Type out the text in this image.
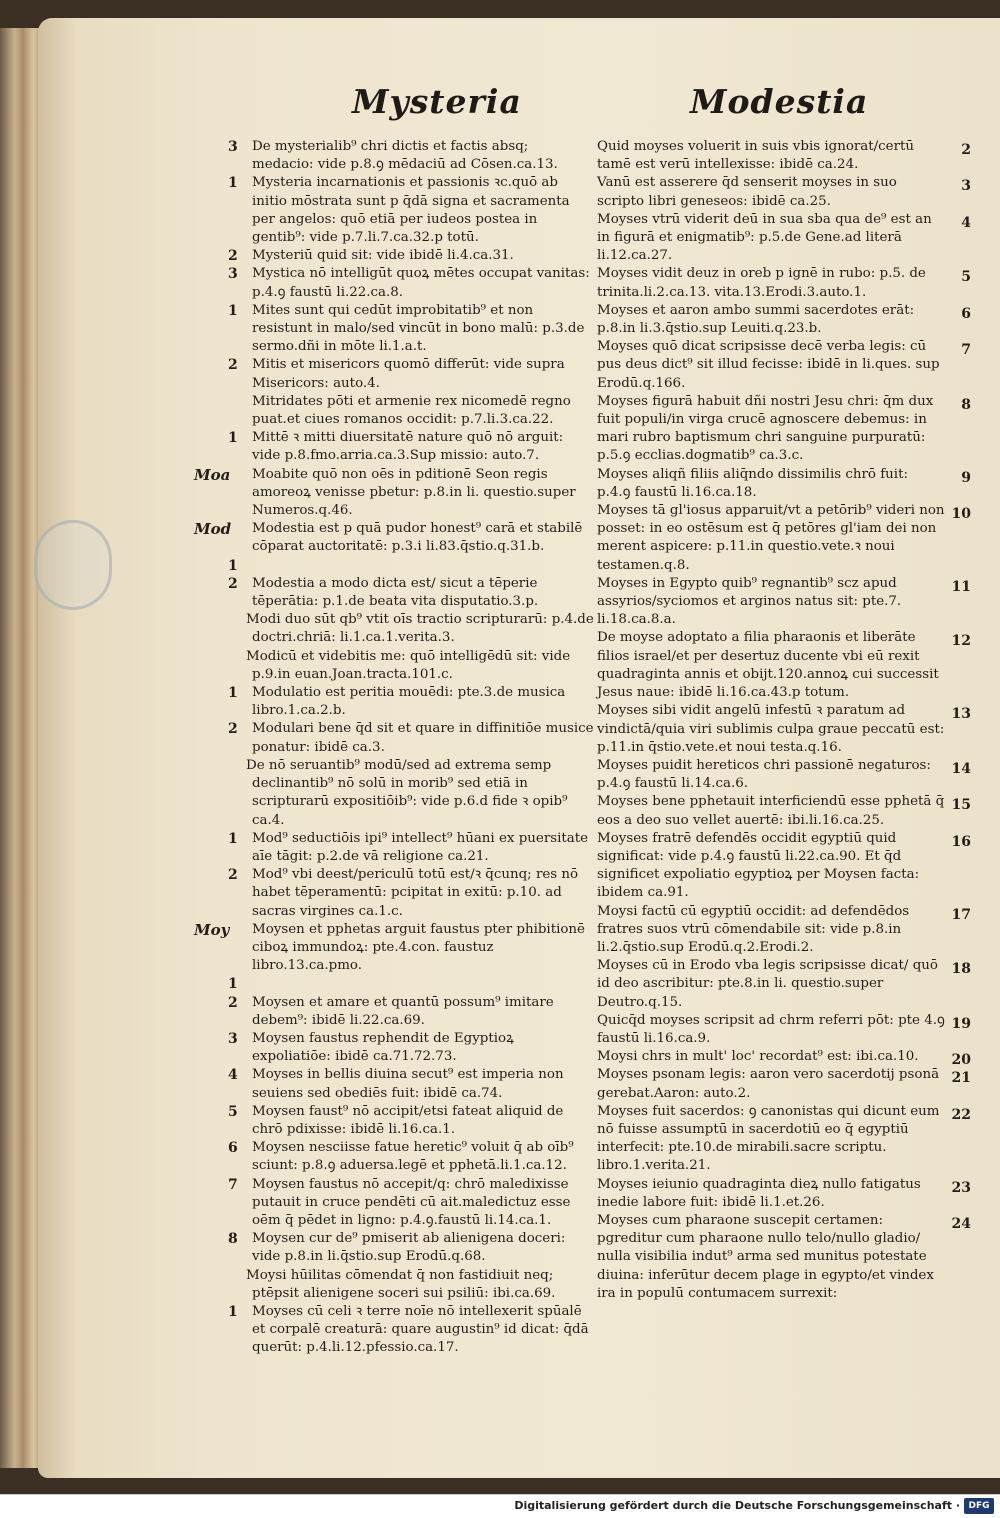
Mysteria	Modestia
3 De mysterialib⁹ chri dictis et factis absq; medacio: vide p.8.ꝯ mēdaciū ad Cōsen.ca.13.

1 Mysteria incarnationis et passionis ꝛc.quō ab initio mōstrata sunt p q̄dā signa et sacramenta per angelos: quō etiā per iudeos postea in gentib⁹: vide p.7.li.7.ca.32.p totū.

2 Mysteriū quid sit: vide ibidē li.4.ca.31.

3 Mystica nō intelligūt quoꝝ mētes occupat vanitas: p.4.ꝯ faustū li.22.ca.8.

1 Mites sunt qui cedūt improbitatib⁹ et non resistunt in malo/sed vincūt in bono malū: p.3.de sermo.dñi in mōte li.1.a.t.

2 Mitis et misericors quomō differūt: vide supra Misericors: auto.4.

Mitridates pōti et armenie rex nicomedē regno puat.et ciues romanos occidit: p.7.li.3.ca.22.

1 Mittē ꝛ mitti diuersitatē nature quō nō arguit: vide p.8.fmo.arria.ca.3.Sup missio: auto.7.

Moa Moabite quō non oēs in pditionē Seon regis amoreoꝝ venisse pbetur: p.8.in li. questio.super Numeros.q.46.

Mod Modestia est p quā pudor honest⁹ carā et stabilē cōparat auctoritatē: p.3.i li.83.q̄stio.q.31.b.

1

2 Modestia a modo dicta est/ sicut a tēperie tēperātia: p.1.de beata vita disputatio.3.p.

Modi duo sūt qb⁹ vtit oīs tractio scripturarū: p.4.de doctri.chriā: li.1.ca.1.verita.3.

Modicū et videbitis me: quō intelligēdū sit: vide p.9.in euan.Joan.tracta.101.c.

1 Modulatio est peritia mouēdi: pte.3.de musica libro.1.ca.2.b.

2 Modulari bene q̄d sit et quare in diffinitiōe musice ponatur: ibidē ca.3.

De nō seruantib⁹ modū/sed ad extrema semp declinantib⁹ nō solū in morib⁹ sed etiā in scripturarū expositiōib⁹: vide p.6.d fide ꝛ opib⁹ ca.4.

1 Mod⁹ seductiōis ipi⁹ intellect⁹ hūani ex puersitate aīe tāgit: p.2.de vā religione ca.21.

2 Mod⁹ vbi deest/periculū totū est/ꝛ q̄cunq; res nō habet tēperamentū: pcipitat in exitū: p.10. ad sacras virgines ca.1.c.

Moy Moysen et pphetas arguit faustus pter phibitionē ciboꝝ immundoꝝ: pte.4.con. faustuz libro.13.ca.pmo.

1

2 Moysen et amare et quantū possum⁹ imitare debem⁹: ibidē li.22.ca.69.

3 Moysen faustus rephendit de Egyptioꝝ expoliatiōe: ibidē ca.71.72.73.

4 Moyses in bellis diuina secut⁹ est imperia non seuiens sed obediēs fuit: ibidē ca.74.

5 Moysen faust⁹ nō accipit/etsi fateat aliquid de chrō pdixisse: ibidē li.16.ca.1.

6 Moysen nesciisse fatue heretic⁹ voluit q̄ ab oīb⁹ sciunt: p.8.ꝯ aduersa.legē et pphetā.li.1.ca.12.

7 Moysen faustus nō accepit/q: chrō maledixisse putauit in cruce pendēti cū ait.maledictuz esse oēm q̄ pēdet in ligno: p.4.ꝯ.faustū li.14.ca.1.

8 Moysen cur de⁹ pmiserit ab alienigena doceri: vide p.8.in li.q̄stio.sup Erodū.q.68.

Moysi hūilitas cōmendat q̄ non fastidiuit neq; ptēpsit alienigene soceri sui psiliū: ibi.ca.69.

1 Moyses cū celi ꝛ terre noīe nō intellexerit spūalē et corpalē creaturā: quare augustin⁹ id dicat: q̄dā querūt: p.4.li.12.pfessio.ca.17.

2

Quid moyses voluerit in suis vbis ignorat/certū tamē est verū intellexisse: ibidē ca.24.

3

Vanū est asserere q̄d senserit moyses in suo scripto libri geneseos: ibidē ca.25.

4

Moyses vtrū viderit deū in sua sba qua de⁹ est an in figurā et enigmatib⁹: p.5.de Gene.ad literā li.12.ca.27.

5

Moyses vidit deuz in oreb p ignē in rubo: p.5. de trinita.li.2.ca.13. vita.13.Erodi.3.auto.1.

6

Moyses et aaron ambo summi sacerdotes erāt: p.8.in li.3.q̄stio.sup Leuiti.q.23.b.

7

Moyses quō dicat scripsisse decē verba legis: cū pus deus dict⁹ sit illud fecisse: ibidē in li.ques. sup Erodū.q.166.

8

Moyses figurā habuit dñi nostri Jesu chri: q̄m dux fuit populi/in virga crucē agnoscere debemus: in mari rubro baptismum chri sanguine purpuratū: p.5.ꝯ ecclias.dogmatib⁹ ca.3.c.

9

Moyses aliqñ filiis aliq̄ndo dissimilis chrō fuit: p.4.ꝯ faustū li.16.ca.18.

10

Moyses tā gl'iosus apparuit/vt a petōrib⁹ videri non posset: in eo ostēsum est q̄ petōres gl'iam dei non merent aspicere: p.11.in questio.vete.ꝛ noui testamen.q.8.

11

Moyses in Egypto quib⁹ regnantib⁹ scz apud assyrios/syciomos et arginos natus sit: pte.7. li.18.ca.8.a.

12

De moyse adoptato a filia pharaonis et liberāte filios israel/et per desertuz ducente vbi eū rexit quadraginta annis et obijt.120.annoꝝ cui successit Jesus naue: ibidē li.16.ca.43.p totum.

13

Moyses sibi vidit angelū infestū ꝛ paratum ad vindictā/quia viri sublimis culpa graue peccatū est: p.11.in q̄stio.vete.et noui testa.q.16.

14

Moyses puidit hereticos chri passionē negaturos: p.4.ꝯ faustū li.14.ca.6.

15

Moyses bene pphetauit interficiendū esse pphetā q̄ eos a deo suo vellet auertē: ibi.li.16.ca.25.

16

Moyses fratrē defendēs occidit egyptiū quid significat: vide p.4.ꝯ faustū li.22.ca.90. Et q̄d significet expoliatio egyptioꝝ per Moysen facta: ibidem ca.91.

17

Moysi factū cū egyptiū occidit: ad defendēdos fratres suos vtrū cōmendabile sit: vide p.8.in li.2.q̄stio.sup Erodū.q.2.Erodi.2.

18

Moyses cū in Erodo vba legis scripsisse dicat/ quō id deo ascribitur: pte.8.in li. questio.super Deutro.q.15.

19

Quicq̄d moyses scripsit ad chrm referri pōt: pte 4.ꝯ faustū li.16.ca.9.

20

Moysi chrs in mult' loc' recordat⁹ est: ibi.ca.10.

21

Moyses psonam legis: aaron vero sacerdotij psonā gerebat.Aaron: auto.2.

22

Moyses fuit sacerdos: ꝯ canonistas qui dicunt eum nō fuisse assumptū in sacerdotiū eo q̄ egyptiū interfecit: pte.10.de mirabili.sacre scriptu. libro.1.verita.21.

23

Moyses ieiunio quadraginta dieꝝ nullo fatigatus inedie labore fuit: ibidē li.1.et.26.

24

Moyses cum pharaone suscepit certamen: pgreditur cum pharaone nullo telo/nullo gladio/ nulla visibilia indut⁹ arma sed munitus potestate diuina: inferūtur decem plage in egypto/et vindex ira in populū contumacem surrexit:

Digitalisierung gefördert durch die Deutsche Forschungsgemeinschaft · DFG
